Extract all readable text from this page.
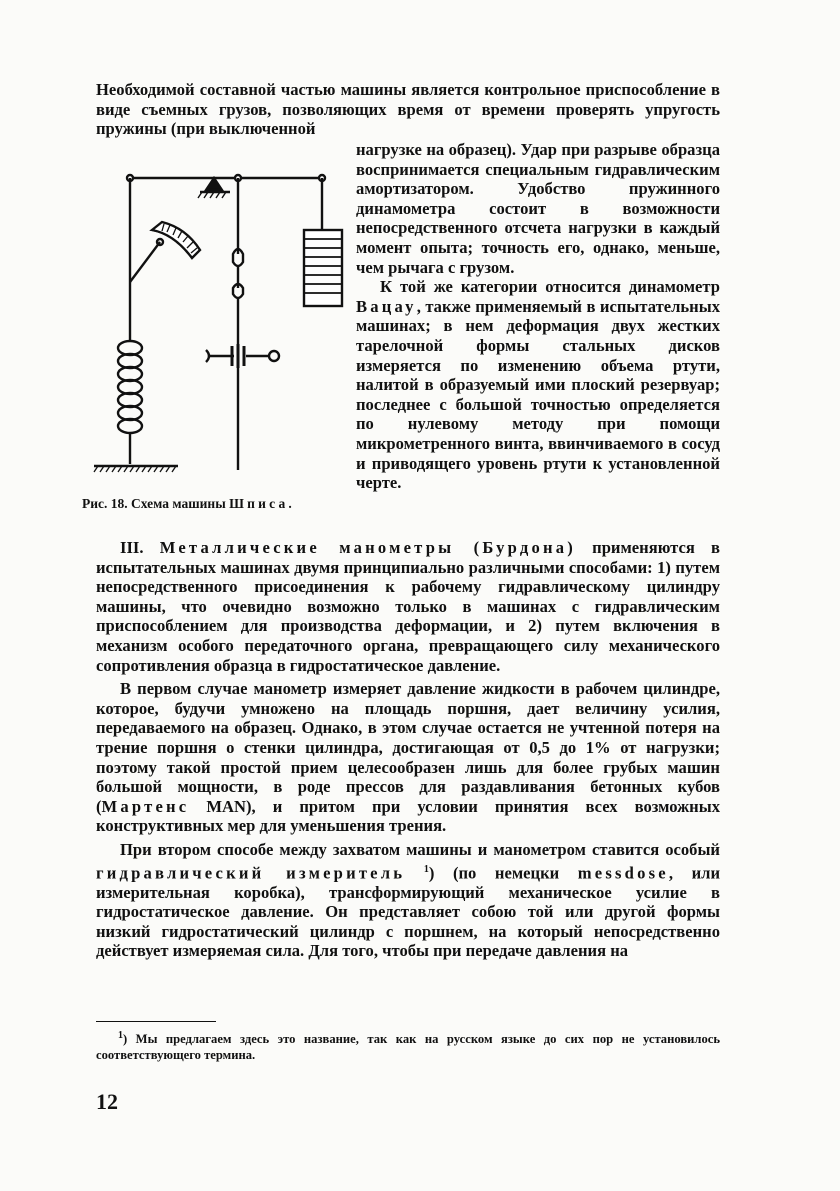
Необходимой составной частью машины является контрольное приспособление в виде съемных грузов, позволяющих время от времени проверять упругость пружины (при выключенной

Рис. 18. Схема машины Шписа.

нагрузке на образец). Удар при разрыве образца воспринимается специальным гидравлическим амортизатором. Удобство пружинного динамометра состоит в возможности непосредственного отсчета нагрузки в каждый момент опыта; точность его, однако, меньше, чем рычага с грузом.

К той же категории относится динамометр Вацау, также применяемый в испытательных машинах; в нем деформация двух жестких тарелочной формы стальных дисков измеряется по изменению объема ртути, налитой в образуемый ими плоский резервуар; последнее с большой точностью определяется по нулевому методу при помощи микрометренного винта, ввинчиваемого в сосуд и приводящего уровень ртути к установленной черте.

III. Металлические манометры (Бурдона) применяются в испытательных машинах двумя принципиально различными способами: 1) путем непосредственного присоединения к рабочему гидравлическому цилиндру машины, что очевидно возможно только в машинах с гидравлическим приспособлением для производства деформации, и 2) путем включения в механизм особого передаточного органа, превращающего силу механического сопротивления образца в гидростатическое давление.

В первом случае манометр измеряет давление жидкости в рабочем цилиндре, которое, будучи умножено на площадь поршня, дает величину усилия, передаваемого на образец. Однако, в этом случае остается не учтенной потеря на трение поршня о стенки цилиндра, достигающая от 0,5 до 1% от нагрузки; поэтому такой простой прием целесообразен лишь для более грубых машин большой мощности, в роде прессов для раздавливания бетонных кубов (Мартенс MAN), и притом при условии принятия всех возможных конструктивных мер для уменьшения трения.

При втором способе между захватом машины и манометром ставится особый гидравлический измеритель $^1$) (по немецки messdose, или измерительная коробка), трансформирующий механическое усилие в гидростатическое давление. Он представляет собою той или другой формы низкий гидростатический цилиндр с поршнем, на который непосредственно действует измеряемая сила. Для того, чтобы при передаче давления на

$^1$) Мы предлагаем здесь это название, так как на русском языке до сих пор не установилось соответствующего термина.

12
